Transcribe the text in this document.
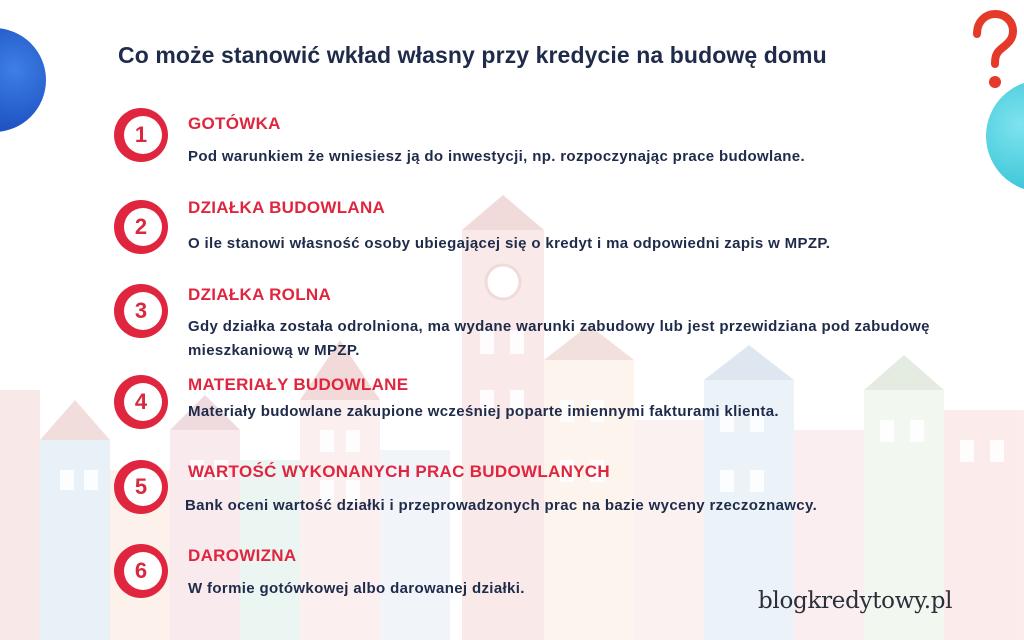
Co może stanowić wkład własny przy kredycie na budowę domu
1	GOTÓWKA

Pod warunkiem że wniesiesz ją do inwestycji, np. rozpoczynając prace budowlane.

2

DZIAŁKA BUDOWLANA

O ile stanowi własność osoby ubiegającej się o kredyt i ma odpowiedni zapis w MPZP.

3

DZIAŁKA ROLNA

Gdy działka została odrolniona, ma wydane warunki zabudowy lub jest przewidziana pod zabudowę mieszkaniową w MPZP.

4

MATERIAŁY BUDOWLANE

Materiały budowlane zakupione wcześniej poparte imiennymi fakturami klienta.

5

WARTOŚĆ WYKONANYCH PRAC BUDOWLANYCH

Bank oceni wartość działki i przeprowadzonych prac na bazie wyceny rzeczoznawcy.

6

DAROWIZNA

W formie gotówkowej albo darowanej działki.	blogkredytowy.pl
